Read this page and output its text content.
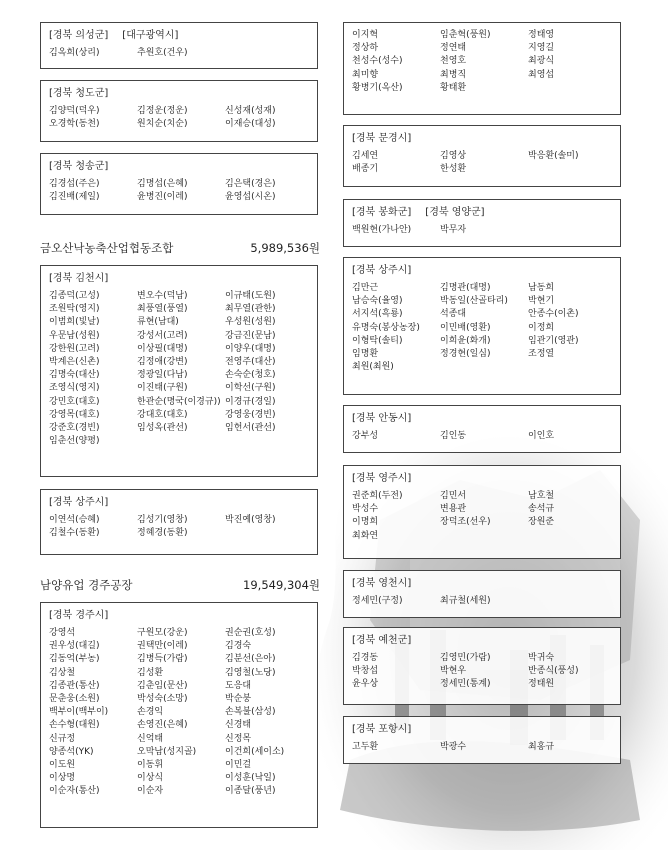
[경북 의성군] [대구광역시]
김옥희(상리)	추원호(건우)
[경북 청도군]
김양덕(덕우)	김정운(정운)	신성재(성재)
오경학(동천)	원치순(치순)	이재승(대성)
[경북 청송군]
김경섭(주은)	김명섭(은혜)	김은택(경은)
김진배(제일)	윤병진(이레)	윤영섭(시온)
금오산낙농축산업협동조합	5,989,536원
[경북 김천시]
김종덕(고성)	변오수(덕남)	이규태(도원)
조원탁(영지)	최풍열(풍열)	최무열(관한)
이범희(빛날)	류현(남대)	우성원(성원)
우문남(성원)	강성서(고려)	강금진(문남)
강한원(고려)	이상필(대명)	이양우(대명)
박계은(신촌)	김정애(강변)	전영주(대산)
김명숙(대산)	정광일(다남)	손숙순(청호)
조영식(영지)	이진태(구원)	이학선(구원)
강민호(대호)	한관순(명국(이경규)) 이경규(경일)
강영목(대호)	강대호(대호)	강영웅(경빈)
강준호(경빈)	임성옥(관선)	임헌서(관선)
임춘선(양평)
[경북 상주시]
이연석(승혜)	김성기(영창)	박진예(영창)
김철수(동환)	정혜경(동환)
남양유업 경주공장	19,549,304원
[경북 경주시]
강영석	구원모(강운)	권순권(호성)
권우성(대길)	권택만(이레)	김경숙
김동억(부농)	김병득(가람)	김분선(은아)
김상철	김성환	김영철(노당)
김종관(통산)	김춘임(문산)	도응대
문춘웅(소원)	박성숙(소망)	박순붕
백부이(백부이)	손경익	손복불(삼성)
손수형(대원)	손영진(은혜)	신경태
신규정	신억태	신정목
양종석(YK)	오막남(성지골)	이건희(세이소)
이도원	이동휘	이민걸
이상명	이상식	이성훈(낙일)
이순자(통산)	이순자	이종달(풍년)
이지혁	임춘혁(풍원)	정태영
정상하	정연태	지영길
천성수(성수)	천영호	최광식
최미향	최병직	최영섭
황병기(옥산)	황태환
[경북 문경시]
김세연	김영상	박응환(솔미)
배종기	한성환
[경북 봉화군] [경북 영양군]
백원현(가나안)	박무자
[경북 상주시]
김만근	김명관(대명)	남동희
남승숙(율영)	박동일(산골타리)	박현기
서지석(흑룡)	석종대	안종수(이촌)
유명숙(봉상농장)	이민배(영환)	이정희
이형탁(솔티)	이희윤(화개)	임관기(영관)
임명환	정경현(일심)	조정열
최원(최원)
[경북 안동시]
강부성	김인동	이인호
[경북 영주시]
권준희(두전)	김민서	남호철
박성수	변용관	송석규
이명희	장덕조(선우)	장원준
최화연
[경북 영천시]
정세민(구정)	최규철(세원)
[경북 예천군]
김경동	김영민(가람)	박귀숙
박창섭	박현우	반종식(풍성)
윤우상	정세민(통계)	정태원
[경북 포항시]
고두환	박광수	최홍규
